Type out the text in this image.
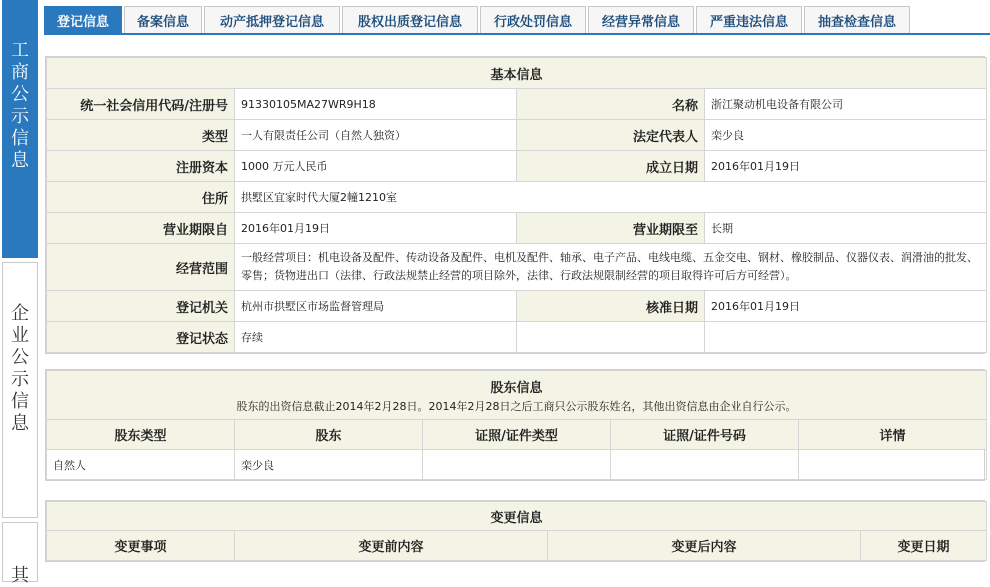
工
商
公
示
信
息
企
业
公
示
信
息
其
登记信息	备案信息	动产抵押登记信息	股权出质登记信息	行政处罚信息	经营异常信息	严重违法信息	抽查检查信息
基本信息			
统一社会信用代码/注册号	91330105MA27WR9H18	名称	浙江聚动机电设备有限公司
类型	一人有限责任公司（自然人独资）	法定代表人	栾少良
注册资本	1000 万元人民币	成立日期	2016年01月19日
住所	拱墅区宜家时代大厦2幢1210室		
营业期限自	2016年01月19日	营业期限至	长期
经营范围	一般经营项目：机电设备及配件、传动设备及配件、电机及配件、轴承、电子产品、电线电缆、五金交电、钢材、橡胶制品、仪器仪表、润滑油的批发、零售；货物进出口（法律、行政法规禁止经营的项目除外，法律、行政法规限制经营的项目取得许可后方可经营）。		
登记机关	杭州市拱墅区市场监督管理局	核准日期	2016年01月19日
登记状态	存续		
股东信息
股东的出资信息截止2014年2月28日。2014年2月28日之后工商只公示股东姓名，其他出资信息由企业自行公示。				

股东类型	股东	证照/证件类型	证照/证件号码	详情
自然人	栾少良			
变更信息
变更事项	变更前内容	变更后内容	变更日期
